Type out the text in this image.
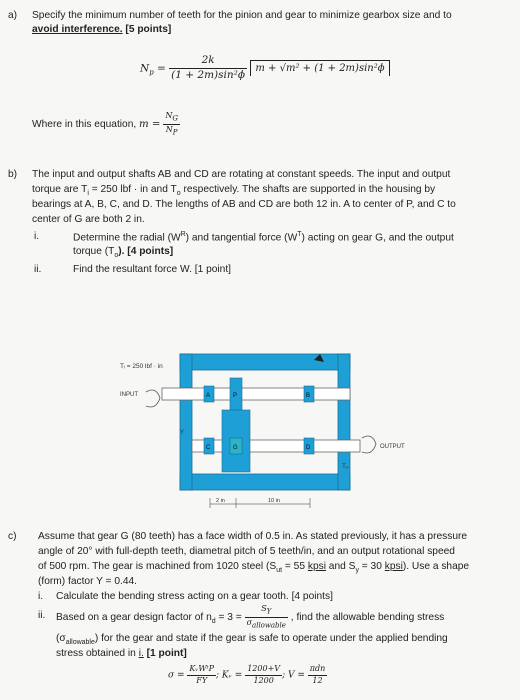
a) Specify the minimum number of teeth for the pinion and gear to minimize gearbox size and to
avoid interference. [5 points]
$N_p = \frac{2k}{\text{(1 + 2m)sin²ϕ}}$ m + √m² + (1 + 2m)sin²ϕ
Where in this equation, $m = \frac{NG}{NP}$
b) The input and output shafts AB and CD are rotating at constant speeds. The input and output
torque are $T_i = 250$ lbf · in and $T_o$ respectively. The shafts are supported in the housing by
bearings at A, B, C, and D. The lengths of AB and CD are both 12 in. A to center of P, and C to
center of G are both 2 in.
i.	Determine the radial $(W^R)$ and tangential force $(W^T)$ acting on gear G, and the output
torque $(T_o)$. [4 points]
ii.	Find the resultant force W. [1 point]
Tᵢ = 250 lbf · in
INPUT	A	P	B
C	G	D
Y
OUTPUT
Tₒ
2 in	10 in
c) Assume that gear G (80 teeth) has a face width of 0.5 in. As stated previously, it has a pressure
angle of 20° with full-depth teeth, diametral pitch of 5 teeth/in, and an output rotational speed
of 500 rpm. The gear is machined from 1020 steel ($S_{ut} = 55$ kpsi and $S_y = 30$ kpsi). Use a shape
(form) factor Y = 0.44.
i. Calculate the bending stress acting on a gear tooth. [4 points]
ii. Based on a gear design factor of $n_d = 3 = \frac{SY}{\text{σallowable}}$ , find the allowable bending stress
$(\sigma_{allowable})$ for the gear and state if the gear is safe to operate under the applied bending
stress obtained in i. [1 point]
$\sigma = \frac{\text{KᵥWᵗP}}{FY}$ ; Kᵥ = $\frac{1200+V}{1200}$ ; $V = \frac{\text{πdn}}{12}$
